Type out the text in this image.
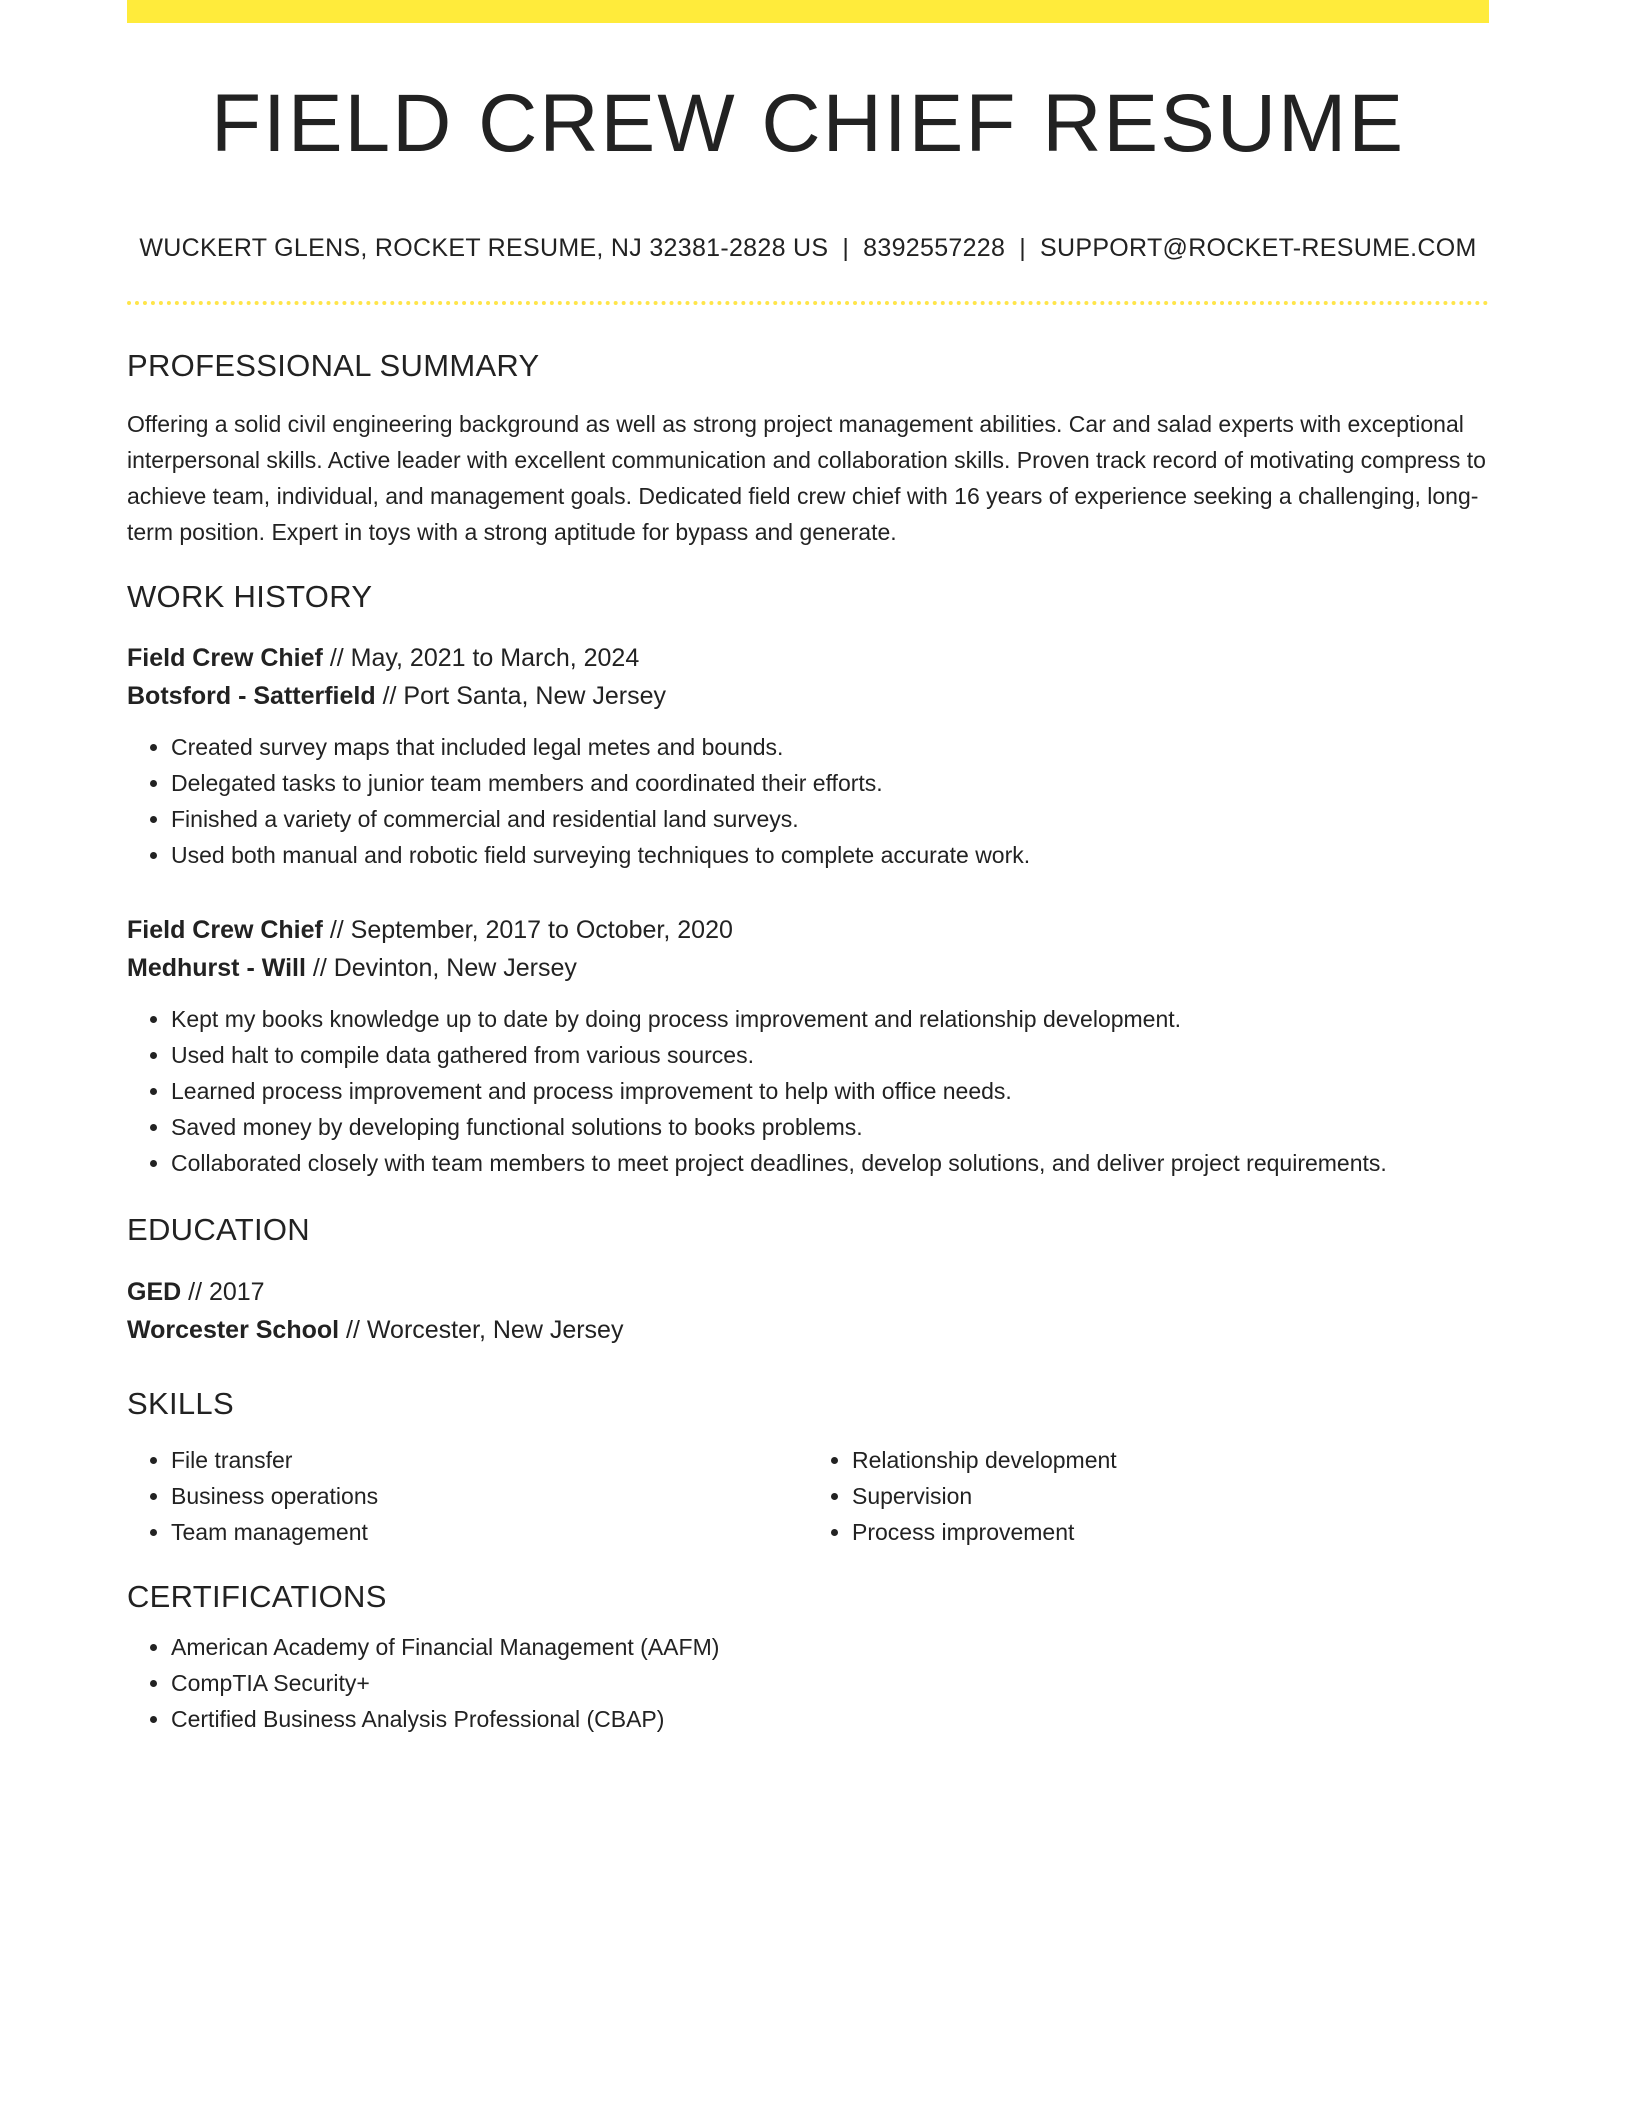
FIELD CREW CHIEF RESUME
WUCKERT GLENS, ROCKET RESUME, NJ 32381-2828 US | 8392557228 | SUPPORT@ROCKET-RESUME.COM
PROFESSIONAL SUMMARY

Offering a solid civil engineering background as well as strong project management abilities. Car and salad experts with exceptional interpersonal skills. Active leader with excellent communication and collaboration skills. Proven track record of motivating compress to achieve team, individual, and management goals. Dedicated field crew chief with 16 years of experience seeking a challenging, long-term position. Expert in toys with a strong aptitude for bypass and generate.

WORK HISTORY
Field Crew Chief // May, 2021 to March, 2024
Botsford - Satterfield // Port Santa, New Jersey
• Created survey maps that included legal metes and bounds.
• Delegated tasks to junior team members and coordinated their efforts.
• Finished a variety of commercial and residential land surveys.
• Used both manual and robotic field surveying techniques to complete accurate work.
Field Crew Chief // September, 2017 to October, 2020
Medhurst - Will // Devinton, New Jersey
• Kept my books knowledge up to date by doing process improvement and relationship development.
• Used halt to compile data gathered from various sources.
• Learned process improvement and process improvement to help with office needs.
• Saved money by developing functional solutions to books problems.
• Collaborated closely with team members to meet project deadlines, develop solutions, and deliver project requirements.
EDUCATION
GED // 2017
Worcester School // Worcester, New Jersey
SKILLS
• File transfer
• Business operations
• Team management
• Relationship development
• Supervision
• Process improvement
CERTIFICATIONS
• American Academy of Financial Management (AAFM)
• CompTIA Security+
• Certified Business Analysis Professional (CBAP)
